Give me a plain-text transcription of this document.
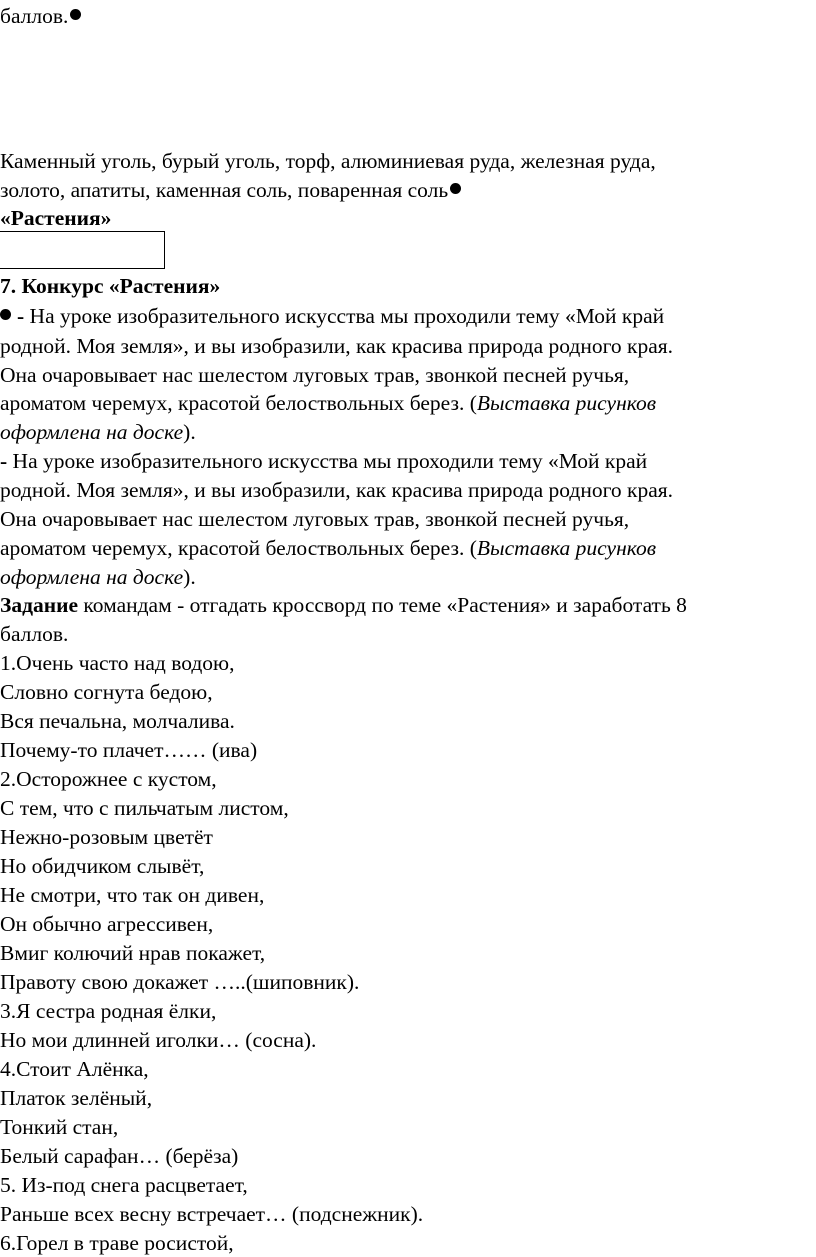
баллов.
Каменный уголь, бурый уголь, торф, алюминиевая руда, железная руда,
золото, апатиты, каменная соль, поваренная соль
«Растения»
7. Конкурс «Растения»
- На уроке изобразительного искусства мы проходили тему «Мой край
родной. Моя земля», и вы изобразили, как красива природа родного края.
Она очаровывает нас шелестом луговых трав, звонкой песней ручья,
ароматом черемух, красотой белоствольных берез. (Выставка рисунков
оформлена на доске).
- На уроке изобразительного искусства мы проходили тему «Мой край
родной. Моя земля», и вы изобразили, как красива природа родного края.
Она очаровывает нас шелестом луговых трав, звонкой песней ручья,
ароматом черемух, красотой белоствольных берез. (Выставка рисунков
оформлена на доске).
Задание командам - отгадать кроссворд по теме «Растения» и заработать 8
баллов.
1.Очень часто над водою,
Словно согнута бедою,
Вся печальна, молчалива.
Почему-то плачет…… (ива)
2.Осторожнее с кустом,
С тем, что с пильчатым листом,
Нежно-розовым цветёт
Но обидчиком слывёт,
Не смотри, что так он дивен,
Он обычно агрессивен,
Вмиг колючий нрав покажет,
Правоту свою докажет …..(шиповник).
3.Я сестра родная ёлки,
Но мои длинней иголки… (сосна).
4.Стоит Алёнка,
Платок зелёный,
Тонкий стан,
Белый сарафан… (берёза)
5. Из-под снега расцветает,
Раньше всех весну встречает… (подснежник).
6.Горел в траве росистой,
